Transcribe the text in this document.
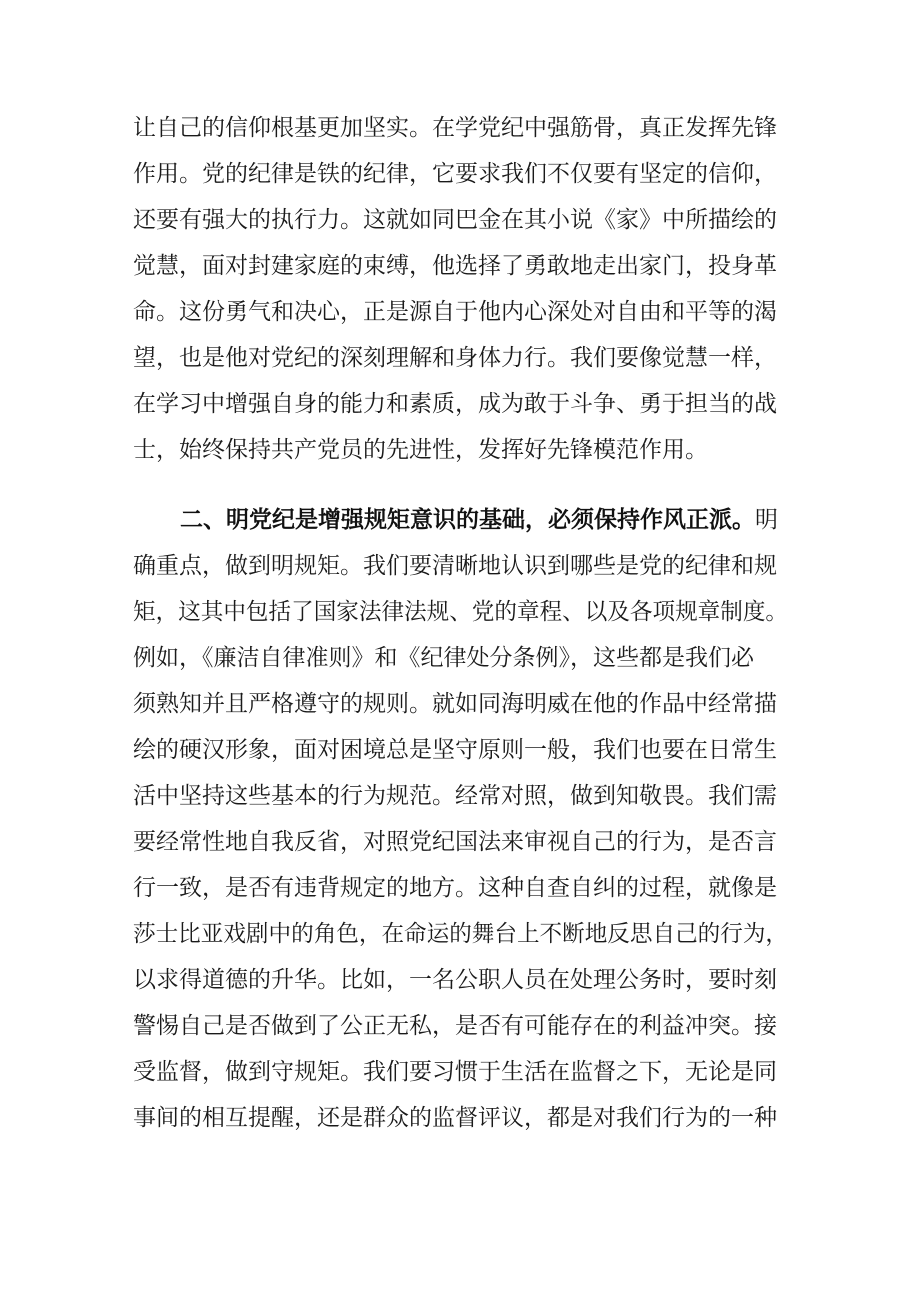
让自己的信仰根基更加坚实。在学党纪中强筋骨，真正发挥先锋
作用。党的纪律是铁的纪律，它要求我们不仅要有坚定的信仰，
还要有强大的执行力。这就如同巴金在其小说《家》中所描绘的
觉慧，面对封建家庭的束缚，他选择了勇敢地走出家门，投身革
命。这份勇气和决心，正是源自于他内心深处对自由和平等的渴
望，也是他对党纪的深刻理解和身体力行。我们要像觉慧一样，
在学习中增强自身的能力和素质，成为敢于斗争、勇于担当的战
士，始终保持共产党员的先进性，发挥好先锋模范作用。
二、明党纪是增强规矩意识的基础，必须保持作风正派。明
确重点，做到明规矩。我们要清晰地认识到哪些是党的纪律和规
矩，这其中包括了国家法律法规、党的章程、以及各项规章制度。
例如，《廉洁自律准则》和《纪律处分条例》，这些都是我们必
须熟知并且严格遵守的规则。就如同海明威在他的作品中经常描
绘的硬汉形象，面对困境总是坚守原则一般，我们也要在日常生
活中坚持这些基本的行为规范。经常对照，做到知敬畏。我们需
要经常性地自我反省，对照党纪国法来审视自己的行为，是否言
行一致，是否有违背规定的地方。这种自查自纠的过程，就像是
莎士比亚戏剧中的角色，在命运的舞台上不断地反思自己的行为，
以求得道德的升华。比如，一名公职人员在处理公务时，要时刻
警惕自己是否做到了公正无私，是否有可能存在的利益冲突。接
受监督，做到守规矩。我们要习惯于生活在监督之下，无论是同
事间的相互提醒，还是群众的监督评议，都是对我们行为的一种
